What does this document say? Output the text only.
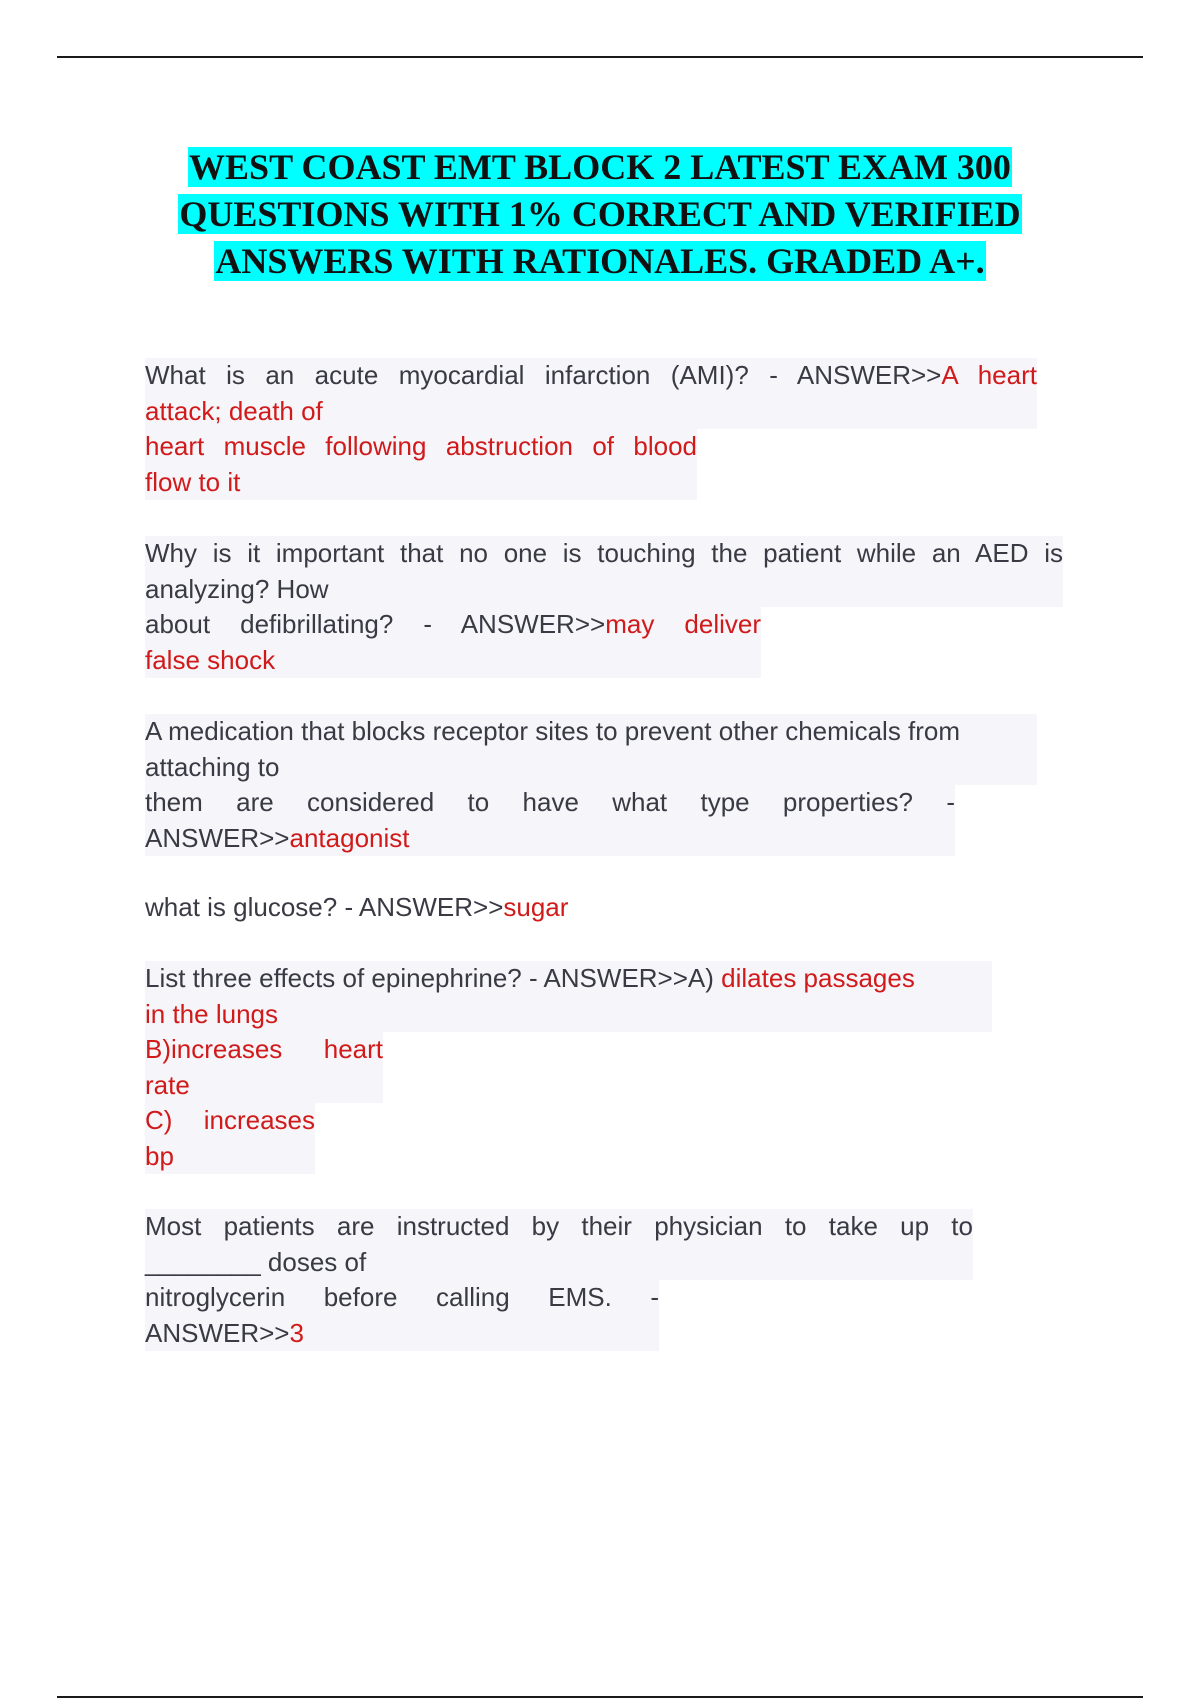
WEST COAST EMT BLOCK 2 LATEST EXAM 300
QUESTIONS WITH 1% CORRECT AND VERIFIED
ANSWERS WITH RATIONALES. GRADED A+.
What is an acute myocardial infarction (AMI)? - ANSWER>>A heart
attack; death of
heart muscle following abstruction of blood
flow to it
Why is it important that no one is touching the patient while an AED is
analyzing? How
about defibrillating? - ANSWER>>may deliver
false shock
A medication that blocks receptor sites to prevent other chemicals from
attaching to
them are considered to have what type properties? -
ANSWER>>antagonist
what is glucose? - ANSWER>>sugar
List three effects of epinephrine? - ANSWER>>A) dilates passages
in the lungs
B)increases heart
rate
C) increases
bp
Most patients are instructed by their physician to take up to
________ doses of
nitroglycerin before calling EMS. -
ANSWER>>3
